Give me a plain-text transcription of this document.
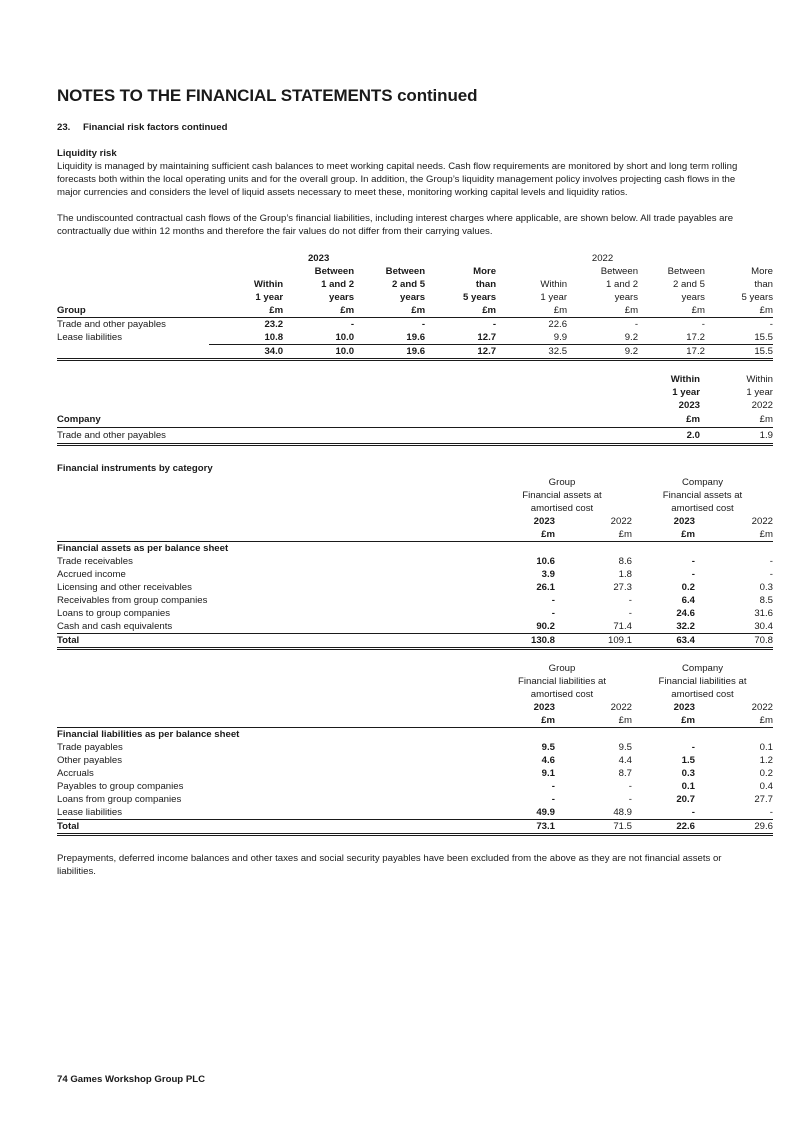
NOTES TO THE FINANCIAL STATEMENTS continued
23. Financial risk factors continued
Liquidity risk
Liquidity is managed by maintaining sufficient cash balances to meet working capital needs. Cash flow requirements are monitored by short and long term rolling forecasts both within the local operating units and for the overall group. In addition, the Group’s liquidity management policy involves projecting cash flows in the major currencies and considers the level of liquid assets necessary to meet these, monitoring working capital levels and liquidity ratios.
The undiscounted contractual cash flows of the Group’s financial liabilities, including interest charges where applicable, are shown below. All trade payables are contractually due within 12 months and therefore the fair values do not differ from their carrying values.
		2023				2022		
		Between	Between	More		Between	Between	More
	Within	1 and 2	2 and 5	than	Within	1 and 2	2 and 5	than
	1 year	years	years	5 years	1 year	years	years	5 years
Group	£m	£m	£m	£m	£m	£m	£m	£m
Trade and other payables	23.2	-	-	-	22.6	-	-	-
Lease liabilities	10.8	10.0	19.6	12.7	9.9	9.2	17.2	15.5
	34.0	10.0	19.6	12.7	32.5	9.2	17.2	15.5
	Within	Within
	1 year	1 year
	2023	2022
Company	£m	£m
Trade and other payables	2.0	1.9
Financial instruments by category
	Group		Company	
	Financial assets at		Financial assets at	
	amortised cost		amortised cost	
	2023	2022	2023	2022
	£m	£m	£m	£m
Financial assets as per balance sheet				
Trade receivables	10.6	8.6	-	-
Accrued income	3.9	1.8	-	-
Licensing and other receivables	26.1	27.3	0.2	0.3
Receivables from group companies	-	-	6.4	8.5
Loans to group companies	-	-	24.6	31.6
Cash and cash equivalents	90.2	71.4	32.2	30.4
Total	130.8	109.1	63.4	70.8
	Group		Company	
	Financial liabilities at		Financial liabilities at	
	amortised cost		amortised cost	
	2023	2022	2023	2022
	£m	£m	£m	£m
Financial liabilities as per balance sheet				
Trade payables	9.5	9.5	-	0.1
Other payables	4.6	4.4	1.5	1.2
Accruals	9.1	8.7	0.3	0.2
Payables to group companies	-	-	0.1	0.4
Loans from group companies	-	-	20.7	27.7
Lease liabilities	49.9	48.9	-	-
Total	73.1	71.5	22.6	29.6
Prepayments, deferred income balances and other taxes and social security payables have been excluded from the above as they are not financial assets or liabilities.
74 Games Workshop Group PLC
